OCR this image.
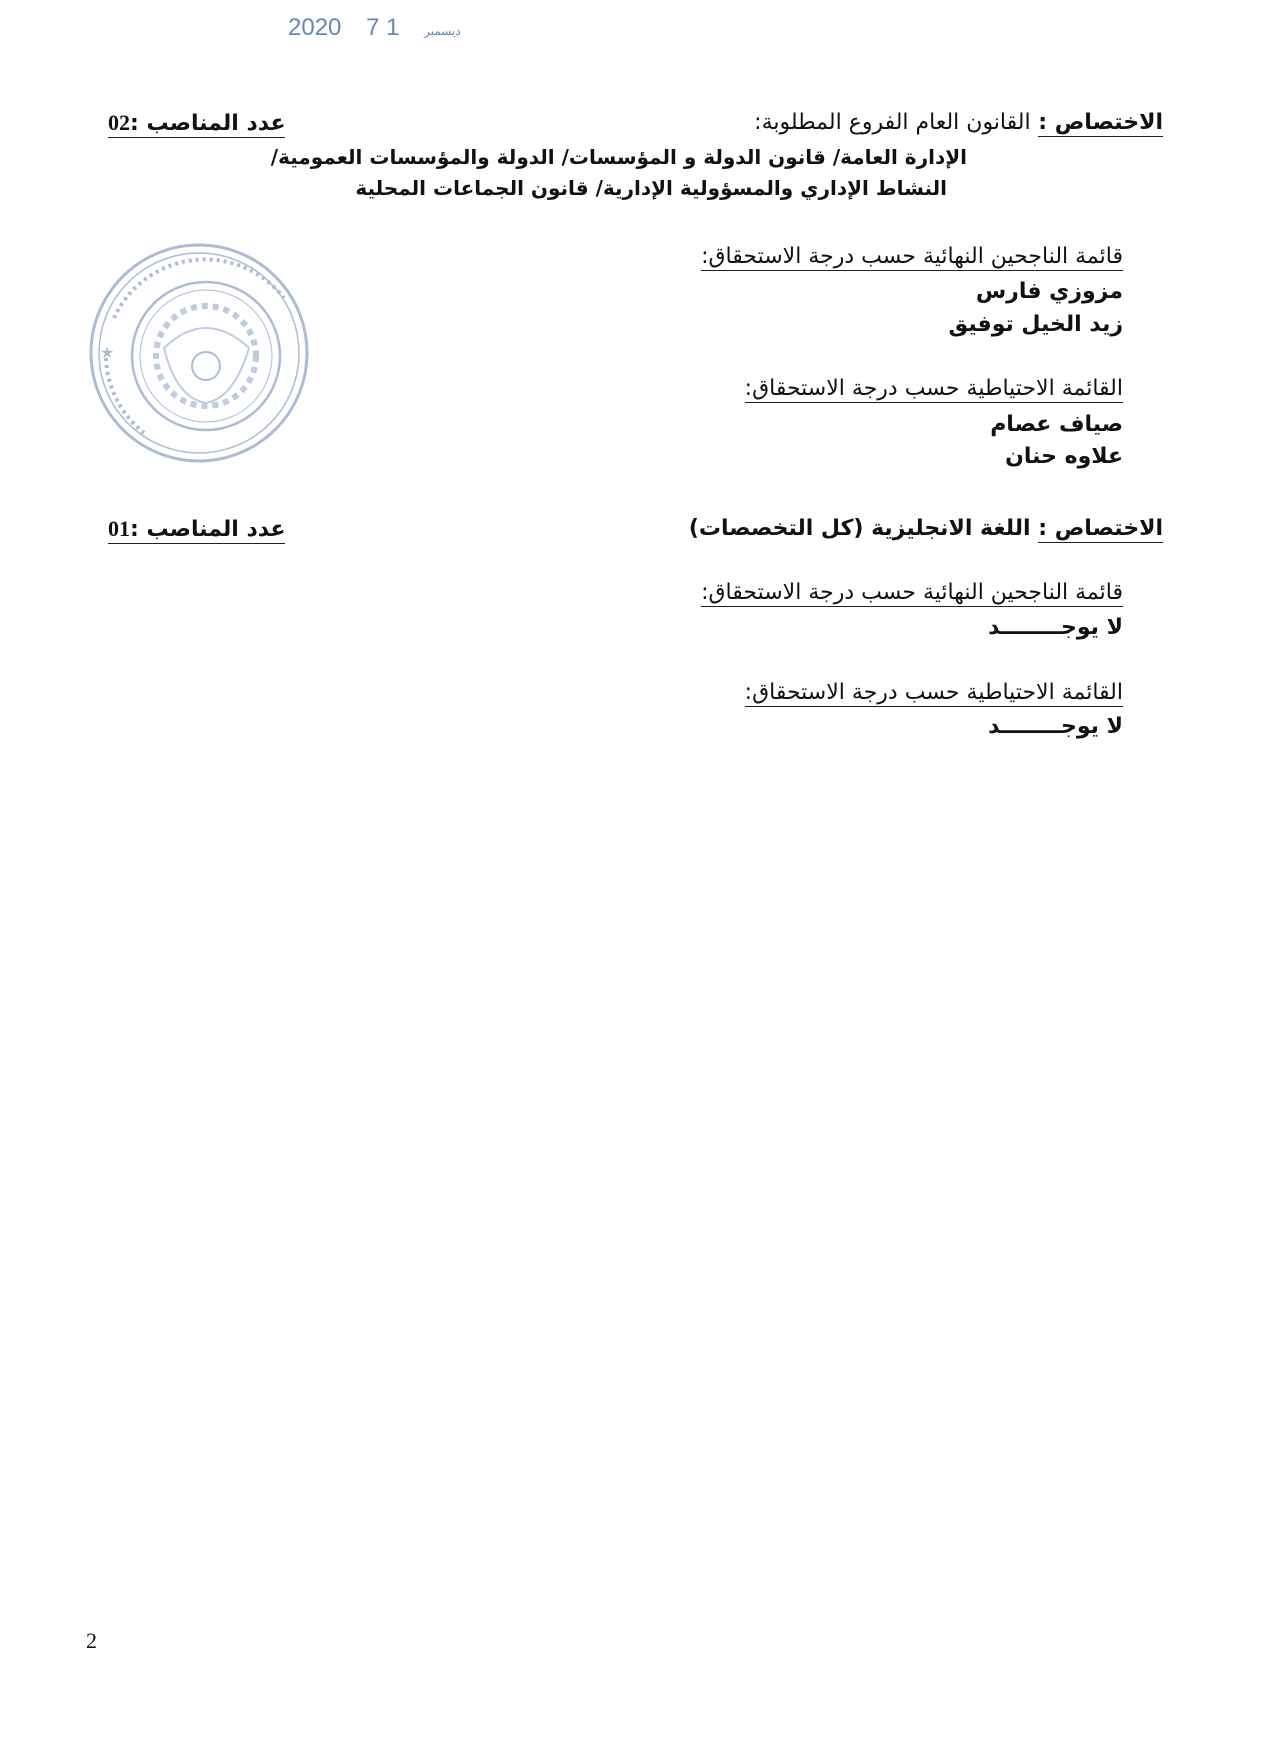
2020	ديسمبر 1 7
الاختصاص : القانون العام الفروع المطلوبة:
عدد المناصب :02
الإدارة العامة/ قانون الدولة و المؤسسات/ الدولة والمؤسسات العمومية/
النشاط الإداري والمسؤولية الإدارية/ قانون الجماعات المحلية
★
قائمة الناجحين النهائية حسب درجة الاستحقاق:
مزوزي فارس
زيد الخيل توفيق
القائمة الاحتياطية حسب درجة الاستحقاق:
صياف عصام
علاوه حنان
الاختصاص : اللغة الانجليزية (كل التخصصات)
عدد المناصب :01
قائمة الناجحين النهائية حسب درجة الاستحقاق:
لا يوجــــــــد
القائمة الاحتياطية حسب درجة الاستحقاق:
لا يوجــــــــد
2
